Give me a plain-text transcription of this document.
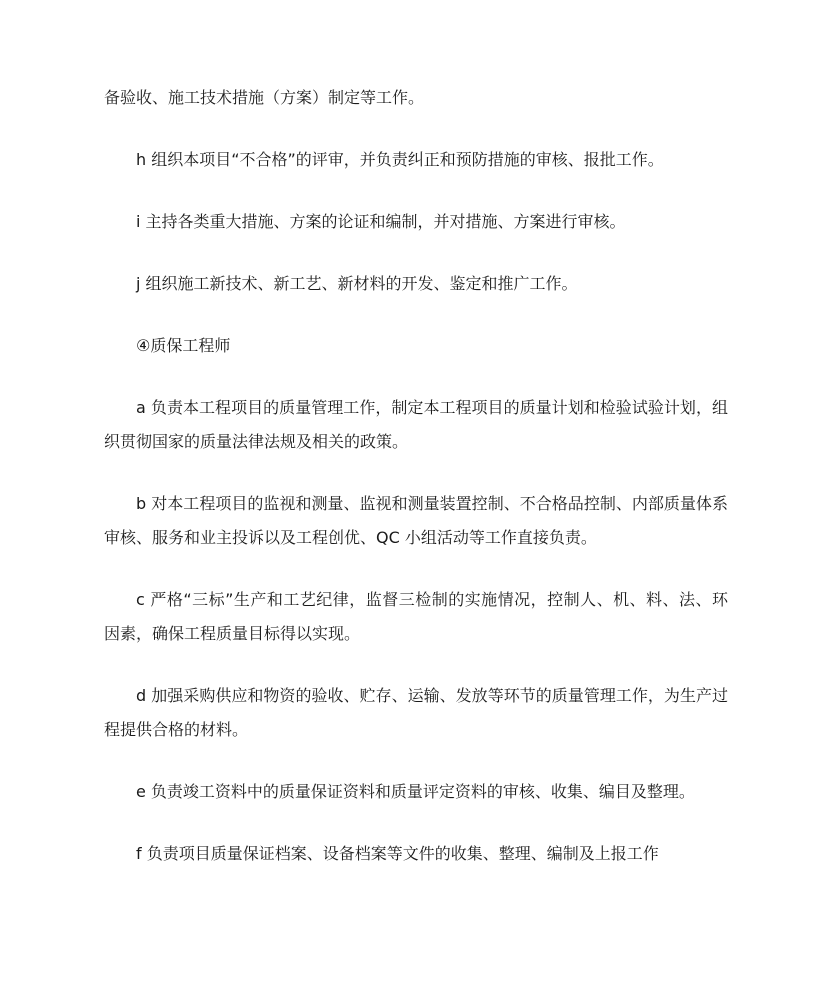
备验收、施工技术措施（方案）制定等工作。
h 组织本项目“不合格”的评审，并负责纠正和预防措施的审核、报批工作。
i 主持各类重大措施、方案的论证和编制，并对措施、方案进行审核。
j 组织施工新技术、新工艺、新材料的开发、鉴定和推广工作。
④质保工程师
a 负责本工程项目的质量管理工作，制定本工程项目的质量计划和检验试验计划，组
织贯彻国家的质量法律法规及相关的政策。
b 对本工程项目的监视和测量、监视和测量装置控制、不合格品控制、内部质量体系
审核、服务和业主投诉以及工程创优、QC 小组活动等工作直接负责。
c 严格“三标”生产和工艺纪律，监督三检制的实施情况，控制人、机、料、法、环
因素，确保工程质量目标得以实现。
d 加强采购供应和物资的验收、贮存、运输、发放等环节的质量管理工作，为生产过
程提供合格的材料。
e 负责竣工资料中的质量保证资料和质量评定资料的审核、收集、编目及整理。
f 负责项目质量保证档案、设备档案等文件的收集、整理、编制及上报工作
